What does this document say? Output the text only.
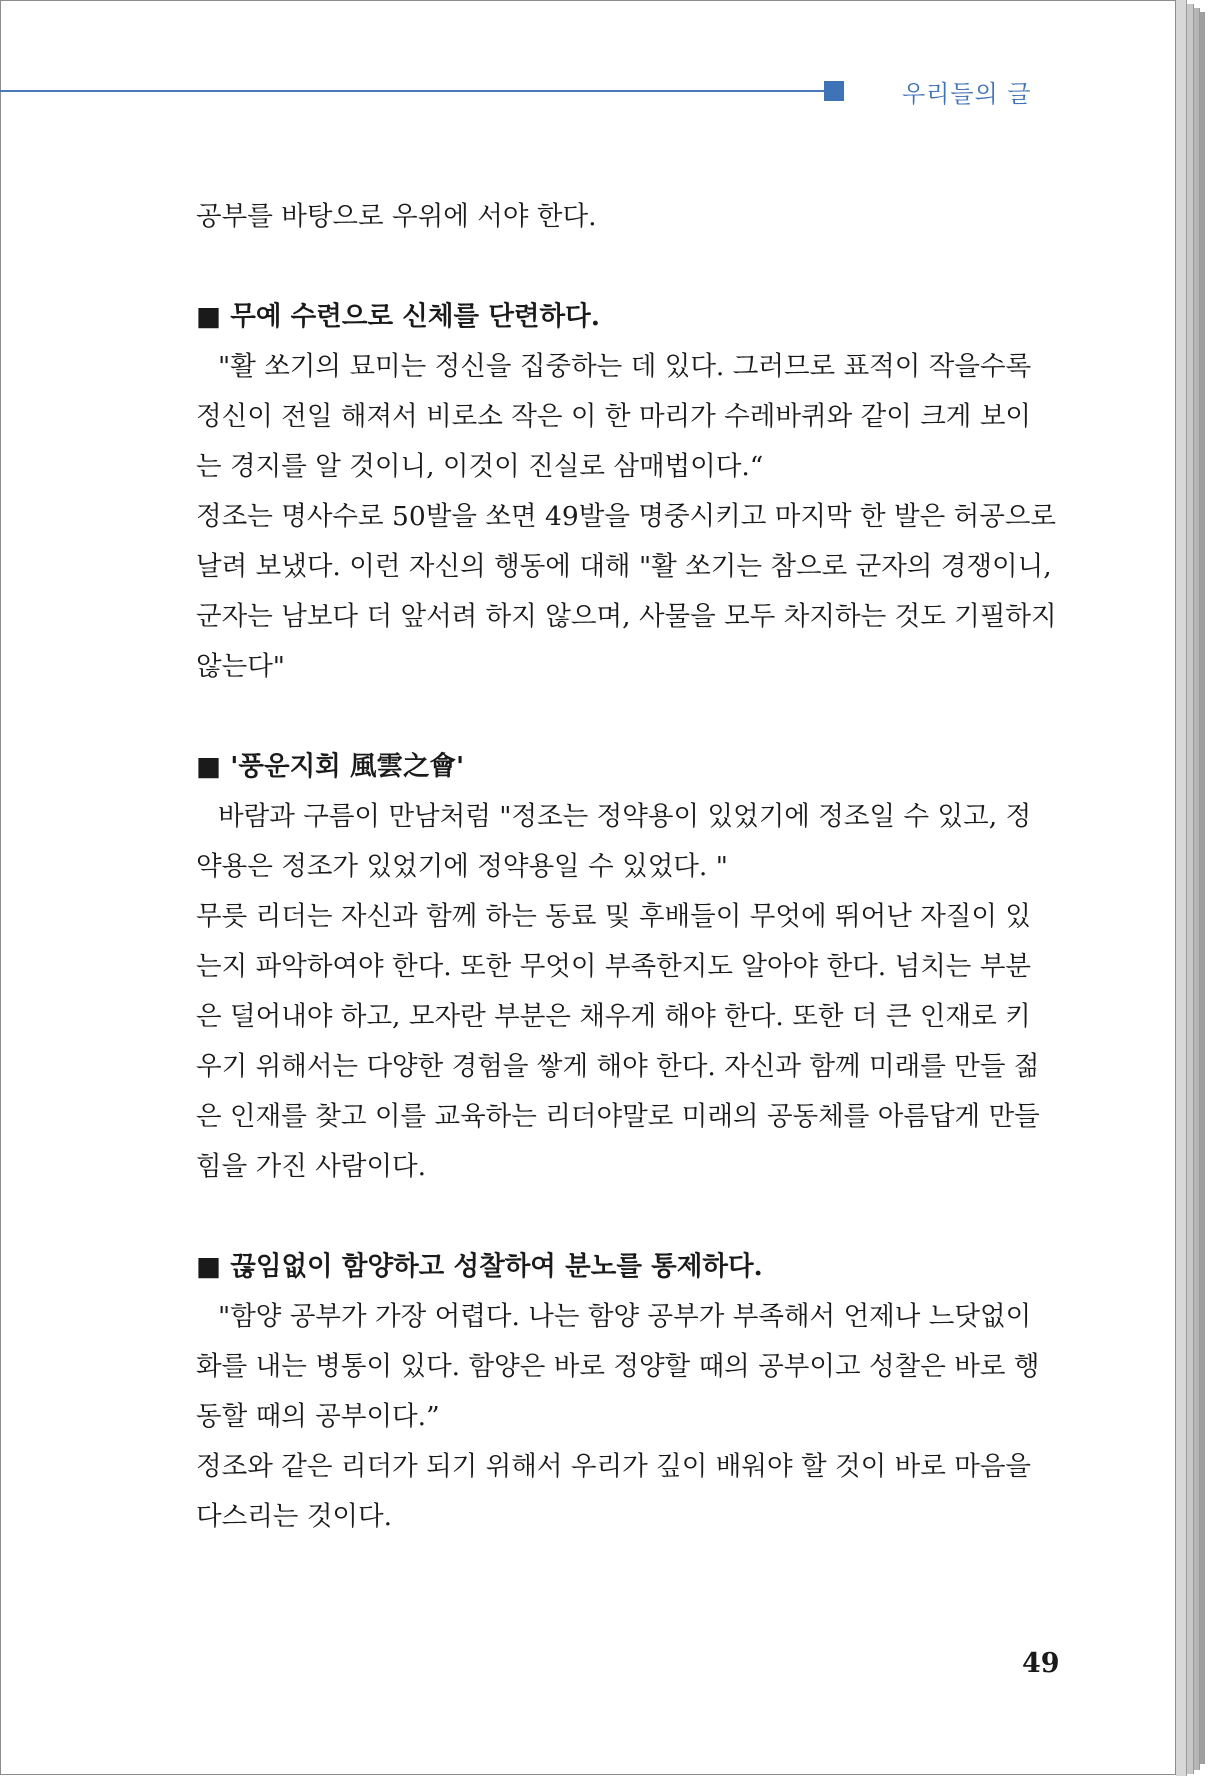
우리들의 글
공부를 바탕으로 우위에 서야 한다.
■ 무예 수련으로 신체를 단련하다.
"활 쏘기의 묘미는 정신을 집중하는 데 있다. 그러므로 표적이 작을수록
정신이 전일 해져서 비로소 작은 이 한 마리가 수레바퀴와 같이 크게 보이
는 경지를 알 것이니, 이것이 진실로 삼매법이다.“
정조는 명사수로 50발을 쏘면 49발을 명중시키고 마지막 한 발은 허공으로
날려 보냈다. 이런 자신의 행동에 대해 "활 쏘기는 참으로 군자의 경쟁이니,
군자는 남보다 더 앞서려 하지 않으며, 사물을 모두 차지하는 것도 기필하지
않는다"
■ '풍운지회 風雲之會'
바람과 구름이 만남처럼 "정조는 정약용이 있었기에 정조일 수 있고, 정
약용은 정조가 있었기에 정약용일 수 있었다. "
무릇 리더는 자신과 함께 하는 동료 및 후배들이 무엇에 뛰어난 자질이 있
는지 파악하여야 한다. 또한 무엇이 부족한지도 알아야 한다. 넘치는 부분
은 덜어내야 하고, 모자란 부분은 채우게 해야 한다. 또한 더 큰 인재로 키
우기 위해서는 다양한 경험을 쌓게 해야 한다. 자신과 함께 미래를 만들 젊
은 인재를 찾고 이를 교육하는 리더야말로 미래의 공동체를 아름답게 만들
힘을 가진 사람이다.
■ 끊임없이 함양하고 성찰하여 분노를 통제하다.
"함양 공부가 가장 어렵다. 나는 함양 공부가 부족해서 언제나 느닷없이
화를 내는 병통이 있다. 함양은 바로 정양할 때의 공부이고 성찰은 바로 행
동할 때의 공부이다.”
정조와 같은 리더가 되기 위해서 우리가 깊이 배워야 할 것이 바로 마음을
다스리는 것이다.
49
